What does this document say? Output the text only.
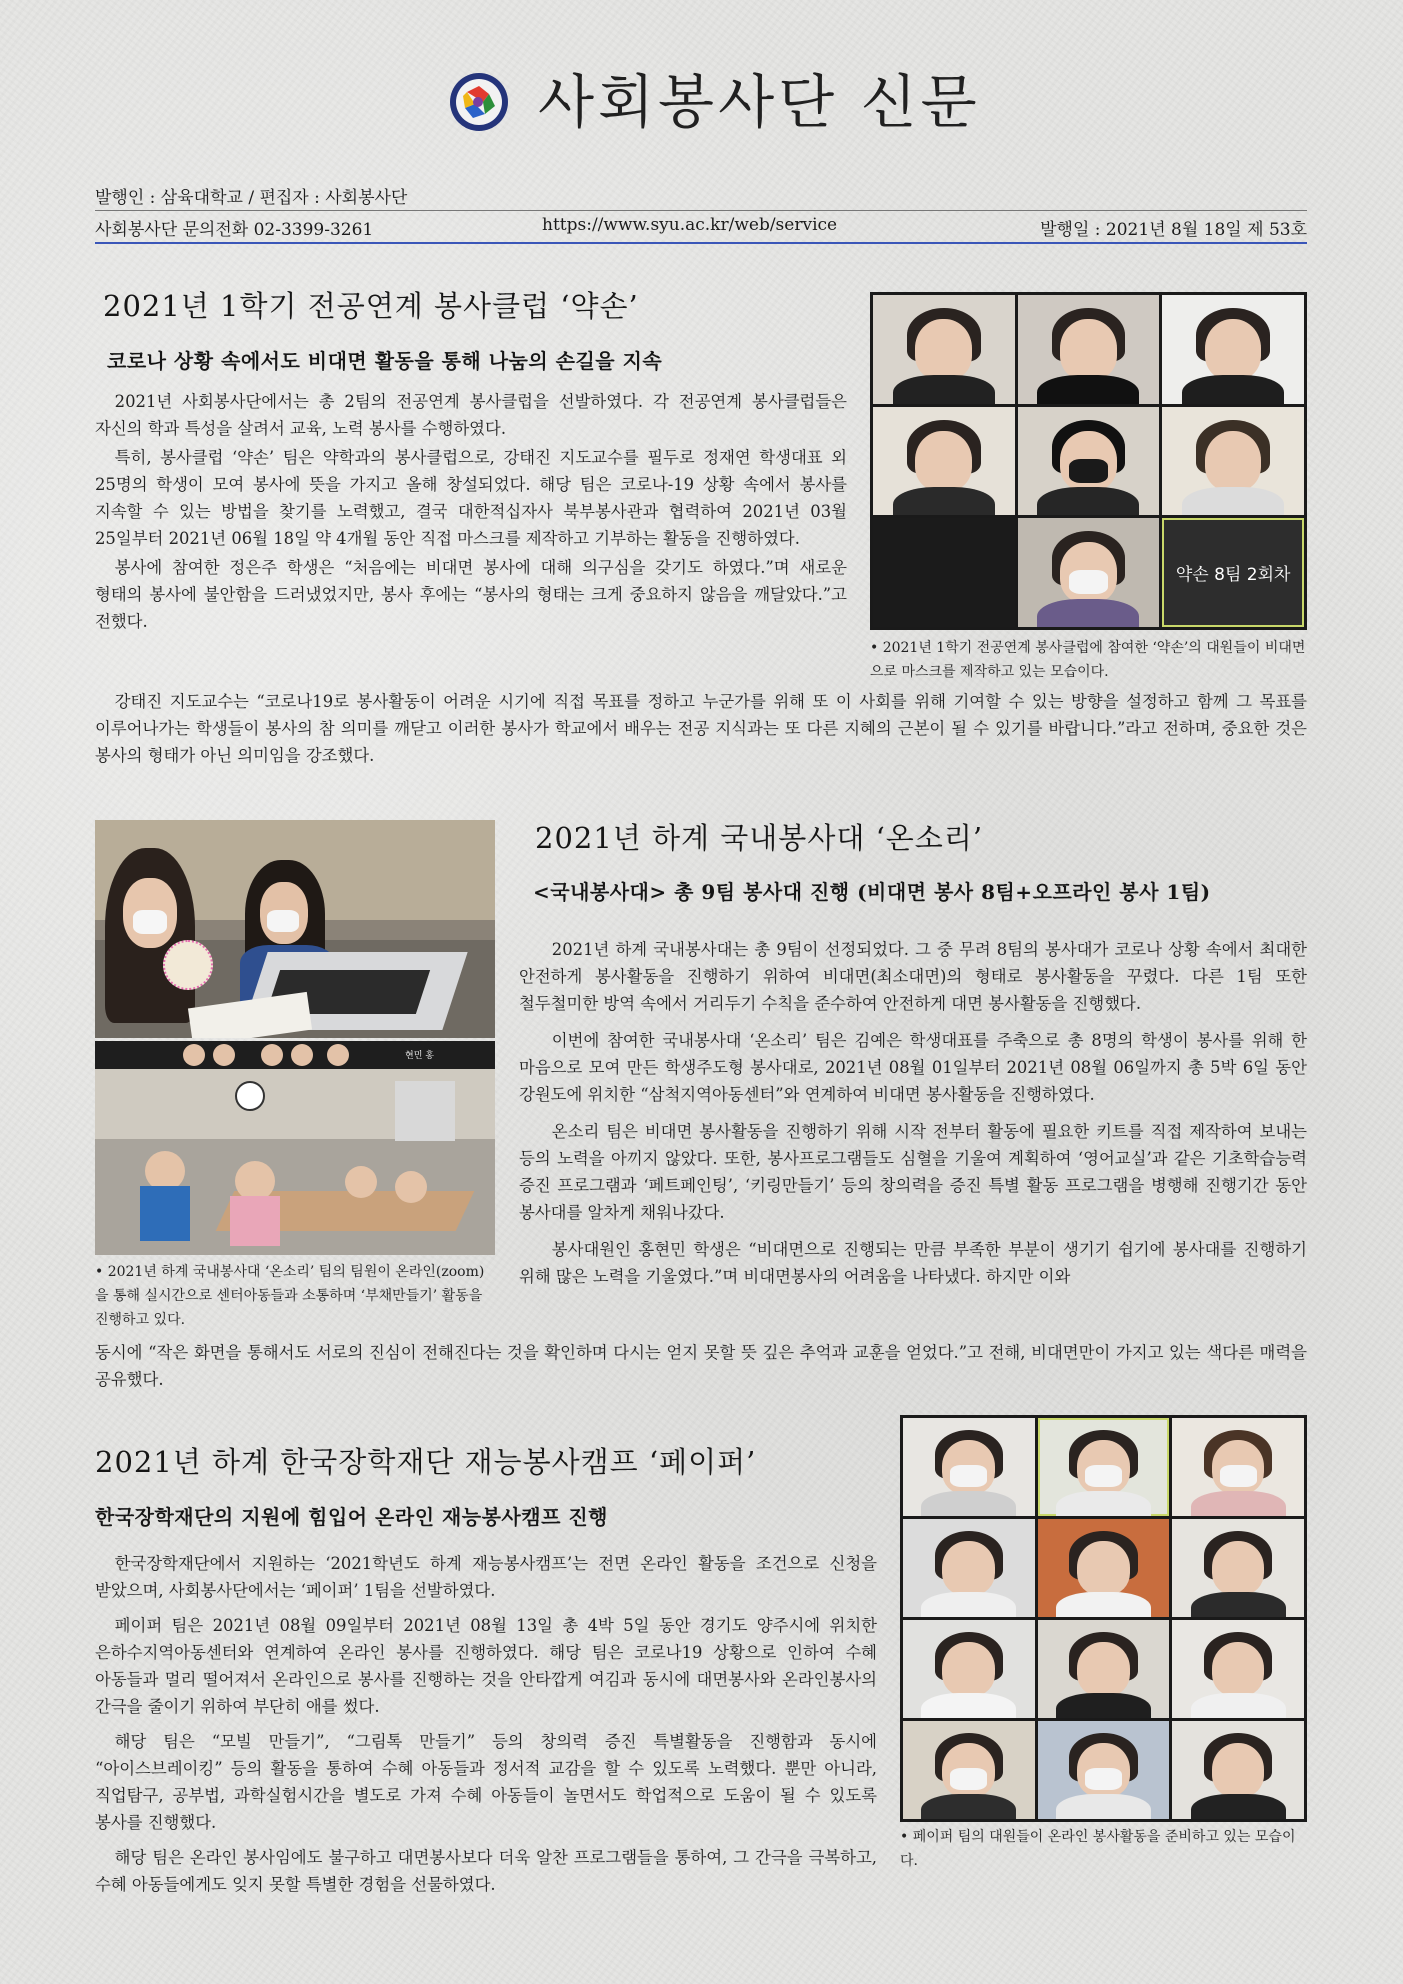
사회봉사단 신문
발행인 : 삼육대학교 / 편집자 : 사회봉사단
사회봉사단 문의전화 02-3399-3261	https://www.syu.ac.kr/web/service	발행일 : 2021년 8월 18일 제 53호
2021년 1학기 전공연계 봉사클럽 ‘약손’
코로나 상황 속에서도 비대면 활동을 통해 나눔의 손길을 지속

2021년 사회봉사단에서는 총 2팀의 전공연계 봉사클럽을 선발하였다. 각 전공연계 봉사클럽들은 자신의 학과 특성을 살려서 교육, 노력 봉사를 수행하였다.

특히, 봉사클럽 ‘약손’ 팀은 약학과의 봉사클럽으로, 강태진 지도교수를 필두로 정재연 학생대표 외 25명의 학생이 모여 봉사에 뜻을 가지고 올해 창설되었다. 해당 팀은 코로나-19 상황 속에서 봉사를 지속할 수 있는 방법을 찾기를 노력했고, 결국 대한적십자사 북부봉사관과 협력하여 2021년 03월 25일부터 2021년 06월 18일 약 4개월 동안 직접 마스크를 제작하고 기부하는 활동을 진행하였다.

봉사에 참여한 정은주 학생은 “처음에는 비대면 봉사에 대해 의구심을 갖기도 하였다.”며 새로운 형태의 봉사에 불안함을 드러냈었지만, 봉사 후에는 “봉사의 형태는 크게 중요하지 않음을 깨달았다.”고 전했다.

강태진 지도교수는 “코로나19로 봉사활동이 어려운 시기에 직접 목표를 정하고 누군가를 위해 또 이 사회를 위해 기여할 수 있는 방향을 설정하고 함께 그 목표를 이루어나가는 학생들이 봉사의 참 의미를 깨닫고 이러한 봉사가 학교에서 배우는 전공 지식과는 또 다른 지혜의 근본이 될 수 있기를 바랍니다.”라고 전하며, 중요한 것은 봉사의 형태가 아닌 의미임을 강조했다.

약손 8팀 2회차
• 2021년 1학기 전공연계 봉사클럽에 참여한 ‘약손’의 대원들이 비대면으로 마스크를 제작하고 있는 모습이다.
현민 홍
• 2021년 하계 국내봉사대 ‘온소리’ 팀의 팀원이 온라인(zoom)을 통해 실시간으로 센터아동들과 소통하며 ‘부채만들기’ 활동을 진행하고 있다.
2021년 하계 국내봉사대 ‘온소리’
<국내봉사대> 총 9팀 봉사대 진행 (비대면 봉사 8팀+오프라인 봉사 1팀)

2021년 하계 국내봉사대는 총 9팀이 선정되었다. 그 중 무려 8팀의 봉사대가 코로나 상황 속에서 최대한 안전하게 봉사활동을 진행하기 위하여 비대면(최소대면)의 형태로 봉사활동을 꾸렸다. 다른 1팀 또한 철두철미한 방역 속에서 거리두기 수칙을 준수하여 안전하게 대면 봉사활동을 진행했다.

이번에 참여한 국내봉사대 ‘온소리’ 팀은 김예은 학생대표를 주축으로 총 8명의 학생이 봉사를 위해 한 마음으로 모여 만든 학생주도형 봉사대로, 2021년 08월 01일부터 2021년 08월 06일까지 총 5박 6일 동안 강원도에 위치한 “삼척지역아동센터”와 연계하여 비대면 봉사활동을 진행하였다.

온소리 팀은 비대면 봉사활동을 진행하기 위해 시작 전부터 활동에 필요한 키트를 직접 제작하여 보내는 등의 노력을 아끼지 않았다. 또한, 봉사프로그램들도 심혈을 기울여 계획하여 ‘영어교실’과 같은 기초학습능력 증진 프로그램과 ‘페트페인팅’, ‘키링만들기’ 등의 창의력을 증진 특별 활동 프로그램을 병행해 진행기간 동안 봉사대를 알차게 채워나갔다.

봉사대원인 홍현민 학생은 “비대면으로 진행되는 만큼 부족한 부분이 생기기 쉽기에 봉사대를 진행하기 위해 많은 노력을 기울였다.”며 비대면봉사의 어려움을 나타냈다. 하지만 이와

동시에 “작은 화면을 통해서도 서로의 진심이 전해진다는 것을 확인하며 다시는 얻지 못할 뜻 깊은 추억과 교훈을 얻었다.”고 전해, 비대면만이 가지고 있는 색다른 매력을 공유했다.

2021년 하계 한국장학재단 재능봉사캠프 ‘페이퍼’
한국장학재단의 지원에 힘입어 온라인 재능봉사캠프 진행

한국장학재단에서 지원하는 ‘2021학년도 하계 재능봉사캠프’는 전면 온라인 활동을 조건으로 신청을 받았으며, 사회봉사단에서는 ‘페이퍼’ 1팀을 선발하였다.

페이퍼 팀은 2021년 08월 09일부터 2021년 08월 13일 총 4박 5일 동안 경기도 양주시에 위치한 은하수지역아동센터와 연계하여 온라인 봉사를 진행하였다. 해당 팀은 코로나19 상황으로 인하여 수혜 아동들과 멀리 떨어져서 온라인으로 봉사를 진행하는 것을 안타깝게 여김과 동시에 대면봉사와 온라인봉사의 간극을 줄이기 위하여 부단히 애를 썼다.

해당 팀은 “모빌 만들기”, “그림톡 만들기” 등의 창의력 증진 특별활동을 진행함과 동시에 “아이스브레이킹” 등의 활동을 통하여 수혜 아동들과 정서적 교감을 할 수 있도록 노력했다. 뿐만 아니라, 직업탐구, 공부법, 과학실험시간을 별도로 가져 수혜 아동들이 놀면서도 학업적으로 도움이 될 수 있도록 봉사를 진행했다.

해당 팀은 온라인 봉사임에도 불구하고 대면봉사보다 더욱 알찬 프로그램들을 통하여, 그 간극을 극복하고, 수혜 아동들에게도 잊지 못할 특별한 경험을 선물하였다.

• 페이퍼 팀의 대원들이 온라인 봉사활동을 준비하고 있는 모습이다.
